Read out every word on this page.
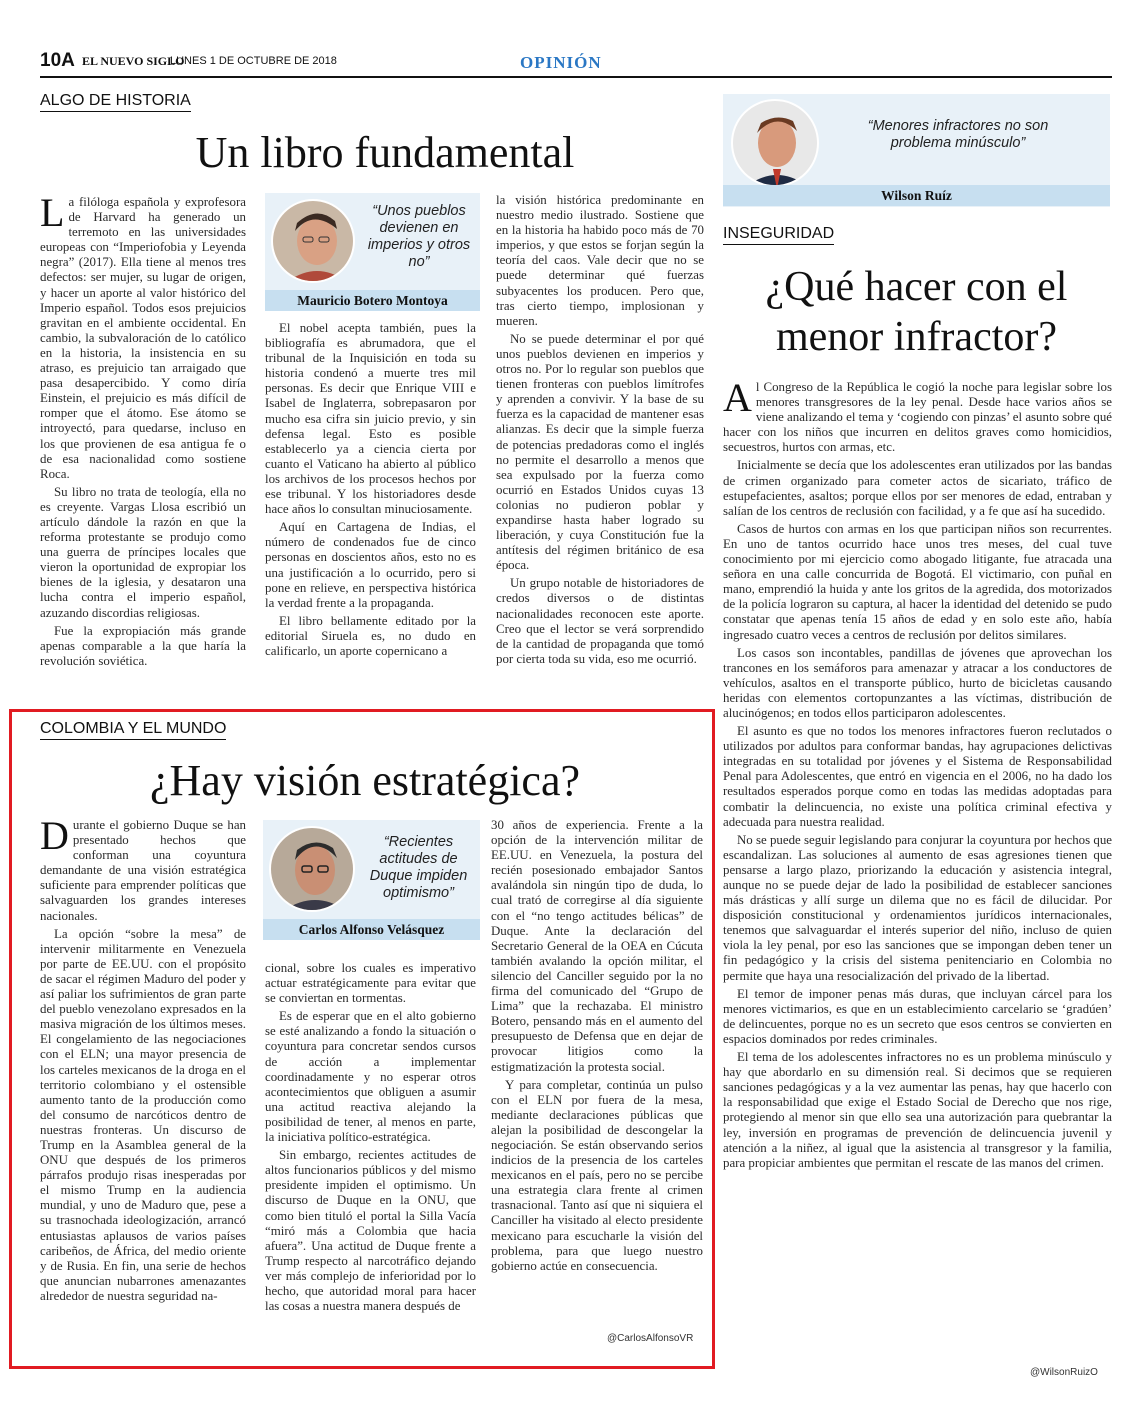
10A EL NUEVO SIGLO
LUNES 1 DE OCTUBRE DE 2018	OPINIÓN
ALGO DE HISTORIA
Un libro fundamental

La filóloga española y exprofesora de Harvard ha generado un terremoto en las universidades europeas con “Imperiofobia y Leyenda negra” (2017). Ella tiene al menos tres defectos: ser mujer, su lugar de origen, y hacer un aporte al valor histórico del Imperio español. Todos esos prejuicios gravitan en el ambiente occidental. En cambio, la subvaloración de lo católico en la historia, la insistencia en su atraso, es prejuicio tan arraigado que pasa desapercibido. Y como diría Einstein, el prejuicio es más difícil de romper que el átomo. Ese átomo se introyectó, para quedarse, incluso en los que provienen de esa antigua fe o de esa nacionalidad como sostiene Roca.

Su libro no trata de teología, ella no es creyente. Vargas Llosa escribió un artículo dándole la razón en que la reforma protestante se produjo como una guerra de príncipes locales que vieron la oportunidad de expropiar los bienes de la iglesia, y desataron una lucha contra el imperio español, azuzando discordias religiosas.

Fue la expropiación más grande apenas comparable a la que haría la revolución soviética.

“Unos pueblos devienen en imperios y otros no”
Mauricio Botero Montoya

El nobel acepta también, pues la bibliografía es abrumadora, que el tribunal de la Inquisición en toda su historia condenó a muerte tres mil personas. Es decir que Enrique VIII e Isabel de Inglaterra, sobrepasaron por mucho esa cifra sin juicio previo, y sin defensa legal. Esto es posible establecerlo ya a ciencia cierta por cuanto el Vaticano ha abierto al público los archivos de los procesos hechos por ese tribunal. Y los historiadores desde hace años lo consultan minuciosamente.

Aquí en Cartagena de Indias, el número de condenados fue de cinco personas en doscientos años, esto no es una justificación a lo ocurrido, pero si pone en relieve, en perspectiva histórica la verdad frente a la propaganda.

El libro bellamente editado por la editorial Siruela es, no dudo en calificarlo, un aporte copernicano a

la visión histórica predominante en nuestro medio ilustrado. Sostiene que en la historia ha habido poco más de 70 imperios, y que estos se forjan según la teoría del caos. Vale decir que no se puede determinar qué fuerzas subyacentes los producen. Pero que, tras cierto tiempo, implosionan y mueren.

No se puede determinar el por qué unos pueblos devienen en imperios y otros no. Por lo regular son pueblos que tienen fronteras con pueblos limítrofes y aprenden a convivir. Y la base de su fuerza es la capacidad de mantener esas alianzas. Es decir que la simple fuerza de potencias predadoras como el inglés no permite el desarrollo a menos que sea expulsado por la fuerza como ocurrió en Estados Unidos cuyas 13 colonias no pudieron poblar y expandirse hasta haber logrado su liberación, y cuya Constitución fue la antítesis del régimen británico de esa época.

Un grupo notable de historiadores de credos diversos o de distintas nacionalidades reconocen este aporte. Creo que el lector se verá sorprendido de la cantidad de propaganda que tomó por cierta toda su vida, eso me ocurrió.

COLOMBIA Y EL MUNDO
¿Hay visión estratégica?

Durante el gobierno Duque se han presentado hechos que conforman una coyuntura demandante de una visión estratégica suficiente para emprender políticas que salvaguarden los grandes intereses nacionales.

La opción “sobre la mesa” de intervenir militarmente en Venezuela por parte de EE.UU. con el propósito de sacar el régimen Maduro del poder y así paliar los sufrimientos de gran parte del pueblo venezolano expresados en la masiva migración de los últimos meses. El congelamiento de las negociaciones con el ELN; una mayor presencia de los carteles mexicanos de la droga en el territorio colombiano y el ostensible aumento tanto de la producción como del consumo de narcóticos dentro de nuestras fronteras. Un discurso de Trump en la Asamblea general de la ONU que después de los primeros párrafos produjo risas inesperadas por el mismo Trump en la audiencia mundial, y uno de Maduro que, pese a su trasnochada ideologización, arrancó entusiastas aplausos de varios países caribeños, de África, del medio oriente y de Rusia. En fin, una serie de hechos que anuncian nubarrones amenazantes alrededor de nuestra seguridad na-

“Recientes actitudes de Duque impiden optimismo”
Carlos Alfonso Velásquez

cional, sobre los cuales es imperativo actuar estratégicamente para evitar que se conviertan en tormentas.

Es de esperar que en el alto gobierno se esté analizando a fondo la situación o coyuntura para concretar sendos cursos de acción a implementar coordinadamente y no esperar otros acontecimientos que obliguen a asumir una actitud reactiva alejando la posibilidad de tener, al menos en parte, la iniciativa político-estratégica.

Sin embargo, recientes actitudes de altos funcionarios públicos y del mismo presidente impiden el optimismo. Un discurso de Duque en la ONU, que como bien tituló el portal la Silla Vacía “miró más a Colombia que hacia afuera”. Una actitud de Duque frente a Trump respecto al narcotráfico dejando ver más complejo de inferioridad por lo hecho, que autoridad moral para hacer las cosas a nuestra manera después de

30 años de experiencia. Frente a la opción de la intervención militar de EE.UU. en Venezuela, la postura del recién posesionado embajador Santos avalándola sin ningún tipo de duda, lo cual trató de corregirse al día siguiente con el “no tengo actitudes bélicas” de Duque. Ante la declaración del Secretario General de la OEA en Cúcuta también avalando la opción militar, el silencio del Canciller seguido por la no firma del comunicado del “Grupo de Lima” que la rechazaba. El ministro Botero, pensando más en el aumento del presupuesto de Defensa que en dejar de provocar litigios como la estigmatización la protesta social.

Y para completar, continúa un pulso con el ELN por fuera de la mesa, mediante declaraciones públicas que alejan la posibilidad de descongelar la negociación. Se están observando serios indicios de la presencia de los carteles mexicanos en el país, pero no se percibe una estrategia clara frente al crimen trasnacional. Tanto así que ni siquiera el Canciller ha visitado al electo presidente mexicano para escucharle la visión del problema, para que luego nuestro gobierno actúe en consecuencia.

@CarlosAlfonsoVR
“Menores infractores no son problema minúsculo”
Wilson Ruíz
INSEGURIDAD
¿Qué hacer con el menor infractor?

Al Congreso de la República le cogió la noche para legislar sobre los menores transgresores de la ley penal. Desde hace varios años se viene analizando el tema y ‘cogiendo con pinzas’ el asunto sobre qué hacer con los niños que incurren en delitos graves como homicidios, secuestros, hurtos con armas, etc.

Inicialmente se decía que los adolescentes eran utilizados por las bandas de crimen organizado para cometer actos de sicariato, tráfico de estupefacientes, asaltos; porque ellos por ser menores de edad, entraban y salían de los centros de reclusión con facilidad, y a fe que así ha sucedido.

Casos de hurtos con armas en los que participan niños son recurrentes. En uno de tantos ocurrido hace unos tres meses, del cual tuve conocimiento por mi ejercicio como abogado litigante, fue atracada una señora en una calle concurrida de Bogotá. El victimario, con puñal en mano, emprendió la huida y ante los gritos de la agredida, dos motorizados de la policía lograron su captura, al hacer la identidad del detenido se pudo constatar que apenas tenía 15 años de edad y en solo este año, había ingresado cuatro veces a centros de reclusión por delitos similares.

Los casos son incontables, pandillas de jóvenes que aprovechan los trancones en los semáforos para amenazar y atracar a los conductores de vehículos, asaltos en el transporte público, hurto de bicicletas causando heridas con elementos cortopunzantes a las víctimas, distribución de alucinógenos; en todos ellos participaron adolescentes.

El asunto es que no todos los menores infractores fueron reclutados o utilizados por adultos para conformar bandas, hay agrupaciones delictivas integradas en su totalidad por jóvenes y el Sistema de Responsabilidad Penal para Adolescentes, que entró en vigencia en el 2006, no ha dado los resultados esperados porque como en todas las medidas adoptadas para combatir la delincuencia, no existe una política criminal efectiva y adecuada para nuestra realidad.

No se puede seguir legislando para conjurar la coyuntura por hechos que escandalizan. Las soluciones al aumento de esas agresiones tienen que pensarse a largo plazo, priorizando la educación y asistencia integral, aunque no se puede dejar de lado la posibilidad de establecer sanciones más drásticas y allí surge un dilema que no es fácil de dilucidar. Por disposición constitucional y ordenamientos jurídicos internacionales, tenemos que salvaguardar el interés superior del niño, incluso de quien viola la ley penal, por eso las sanciones que se impongan deben tener un fin pedagógico y la crisis del sistema penitenciario en Colombia no permite que haya una resocialización del privado de la libertad.

El temor de imponer penas más duras, que incluyan cárcel para los menores victimarios, es que en un establecimiento carcelario se ‘gradúen’ de delincuentes, porque no es un secreto que esos centros se convierten en espacios dominados por redes criminales.

El tema de los adolescentes infractores no es un problema minúsculo y hay que abordarlo en su dimensión real. Si decimos que se requieren sanciones pedagógicas y a la vez aumentar las penas, hay que hacerlo con la responsabilidad que exige el Estado Social de Derecho que nos rige, protegiendo al menor sin que ello sea una autorización para quebrantar la ley, inversión en programas de prevención de delincuencia juvenil y atención a la niñez, al igual que la asistencia al transgresor y la familia, para propiciar ambientes que permitan el rescate de las manos del crimen.

@WilsonRuizO
